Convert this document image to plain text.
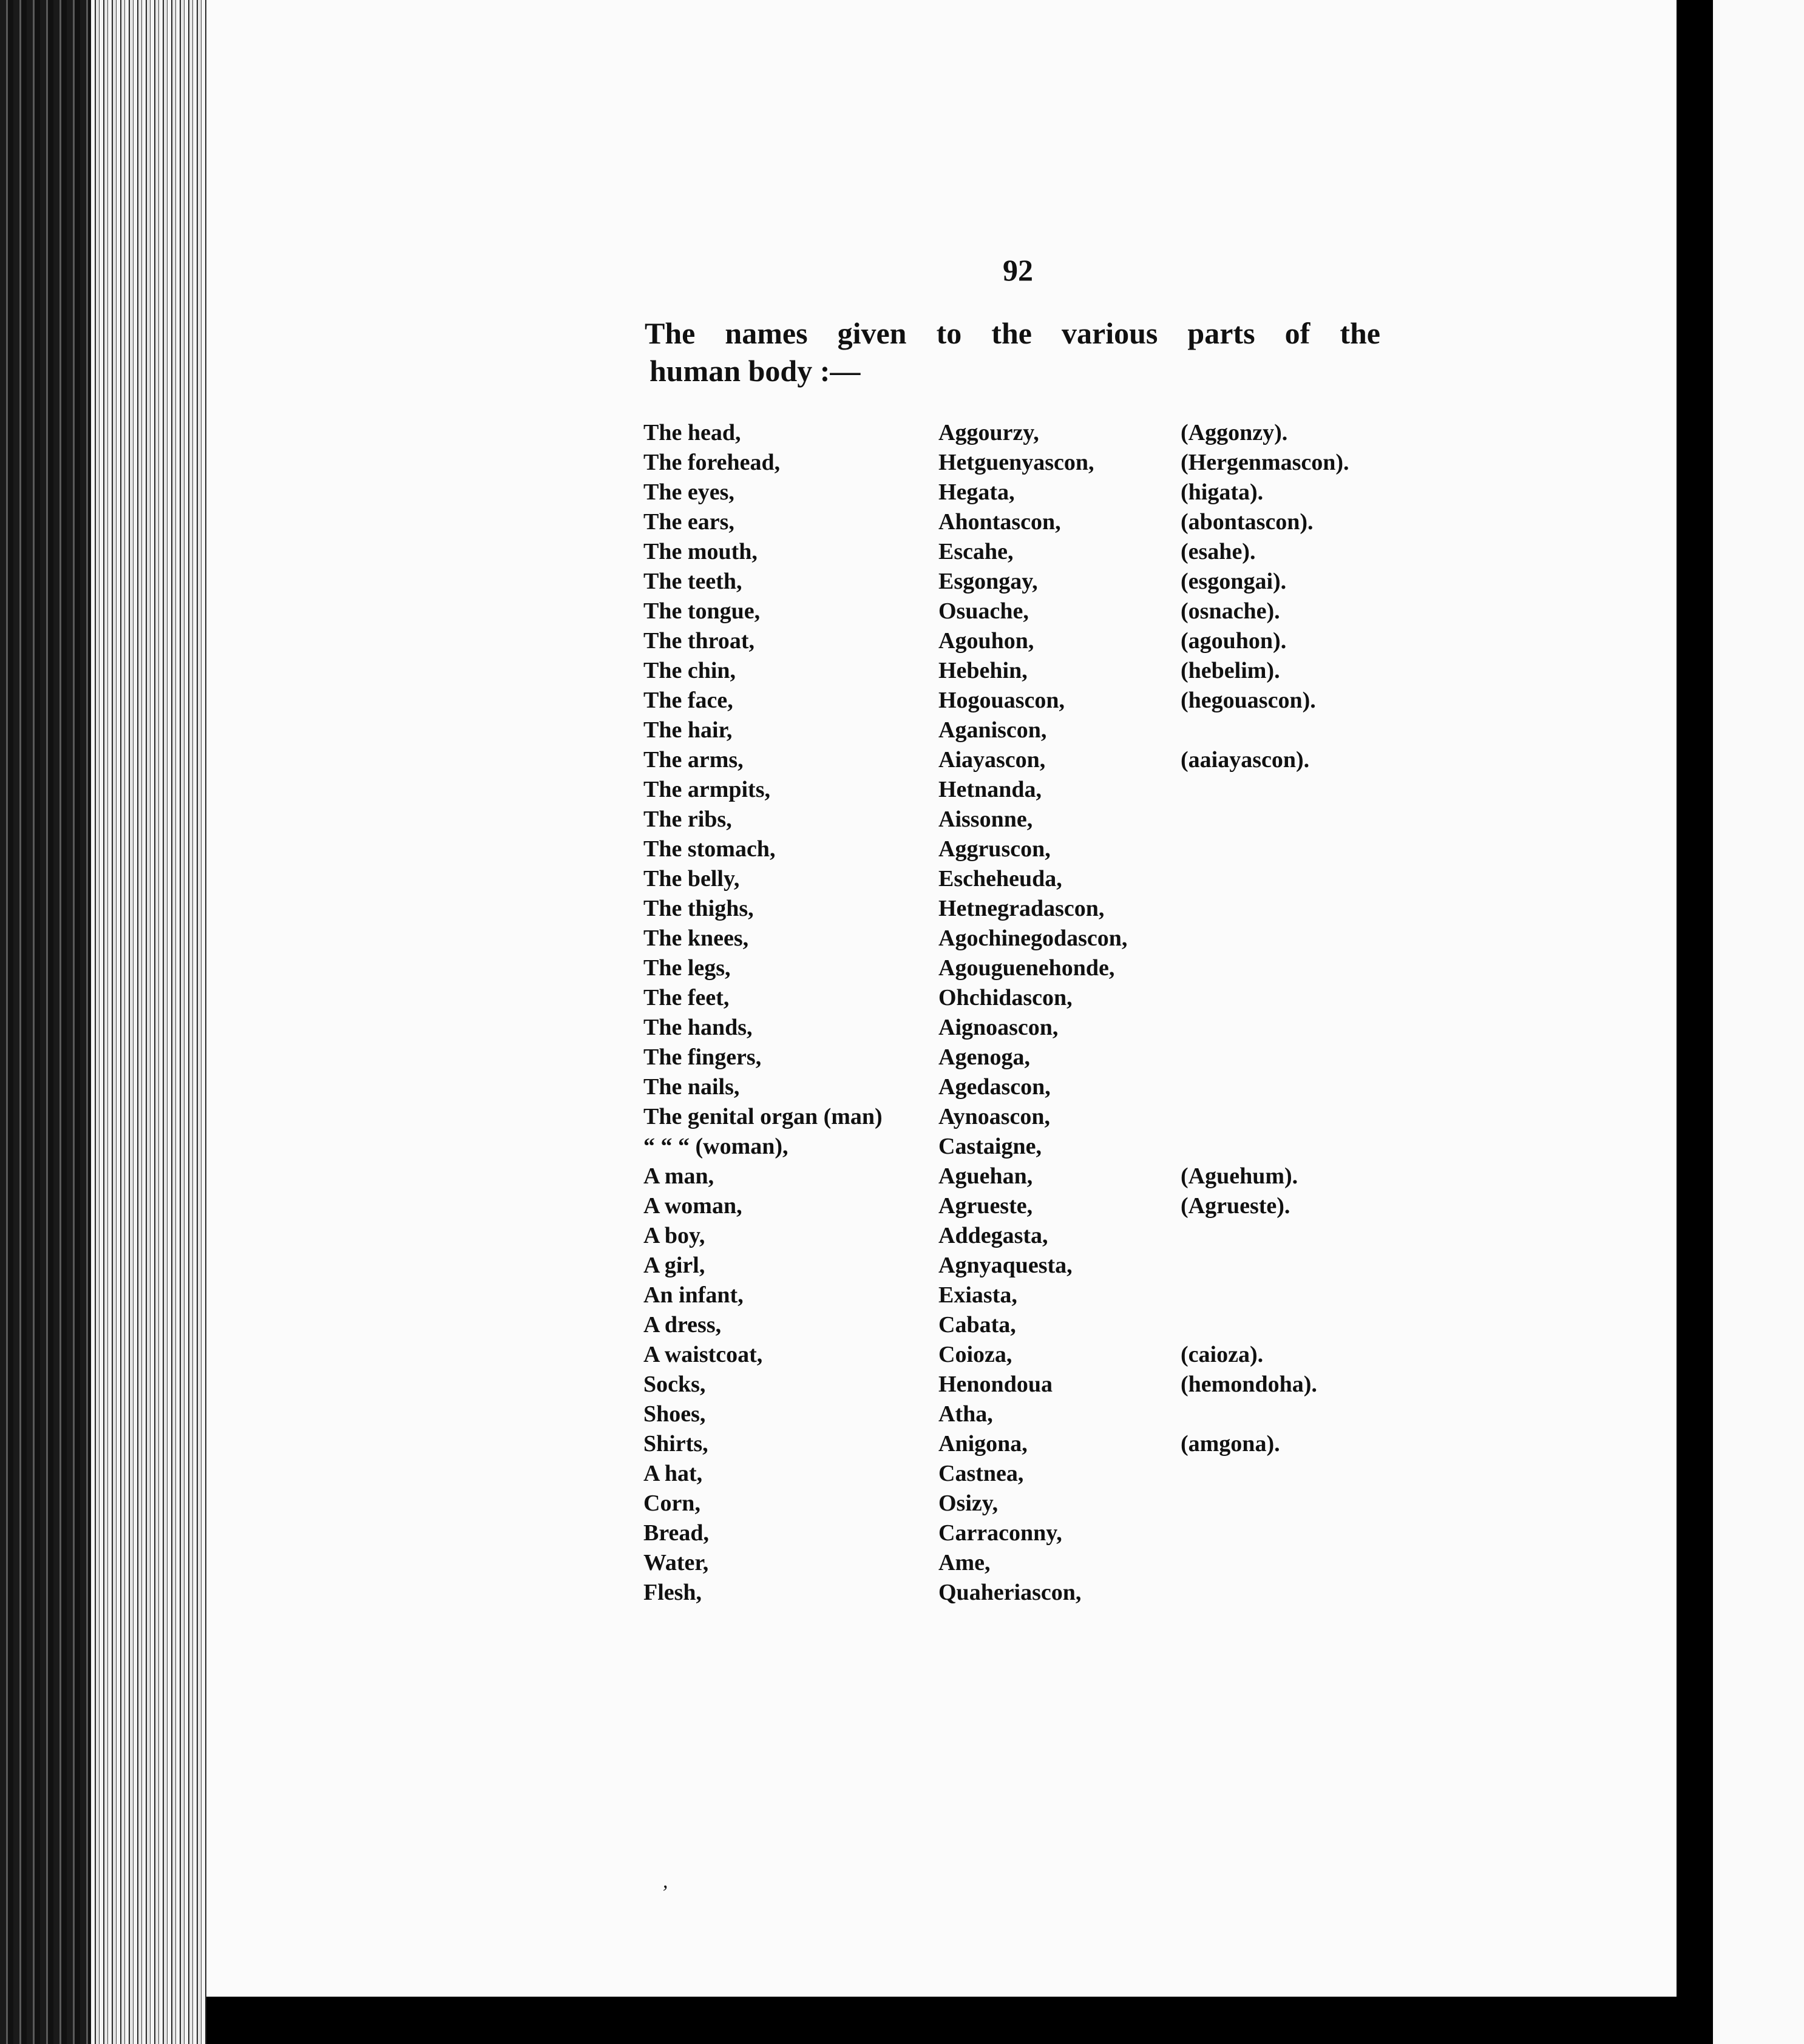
92
The names given to the various parts of the
human body :—
The head,	Aggourzy,	(Aggonzy).
The forehead,	Hetguenyascon,	(Hergenmascon).
The eyes,	Hegata,	(higata).
The ears,	Ahontascon,	(abontascon).
The mouth,	Escahe,	(esahe).
The teeth,	Esgongay,	(esgongai).
The tongue,	Osuache,	(osnache).
The throat,	Agouhon,	(agouhon).
The chin,	Hebehin,	(hebelim).
The face,	Hogouascon,	(hegouascon).
The hair,	Aganiscon,
The arms,	Aiayascon,	(aaiayascon).
The armpits,	Hetnanda,
The ribs,	Aissonne,
The stomach,	Aggruscon,
The belly,	Escheheuda,
The thighs,	Hetnegradascon,
The knees,	Agochinegodascon,
The legs,	Agouguenehonde,
The feet,	Ohchidascon,
The hands,	Aignoascon,
The fingers,	Agenoga,
The nails,	Agedascon,
The genital organ (man) Aynoascon,
“ “ “ (woman),	Castaigne,
A man,	Aguehan,	(Aguehum).
A woman,	Agrueste,	(Agrueste).
A boy,	Addegasta,
A girl,	Agnyaquesta,
An infant,	Exiasta,
A dress,	Cabata,
A waistcoat,	Coioza,	(caioza).
Socks,	Henondoua	(hemondoha).
Shoes,	Atha,
Shirts,	Anigona,	(amgona).
A hat,	Castnea,
Corn,	Osizy,
Bread,	Carraconny,
Water,	Ame,
Flesh,	Quaheriascon,
’
